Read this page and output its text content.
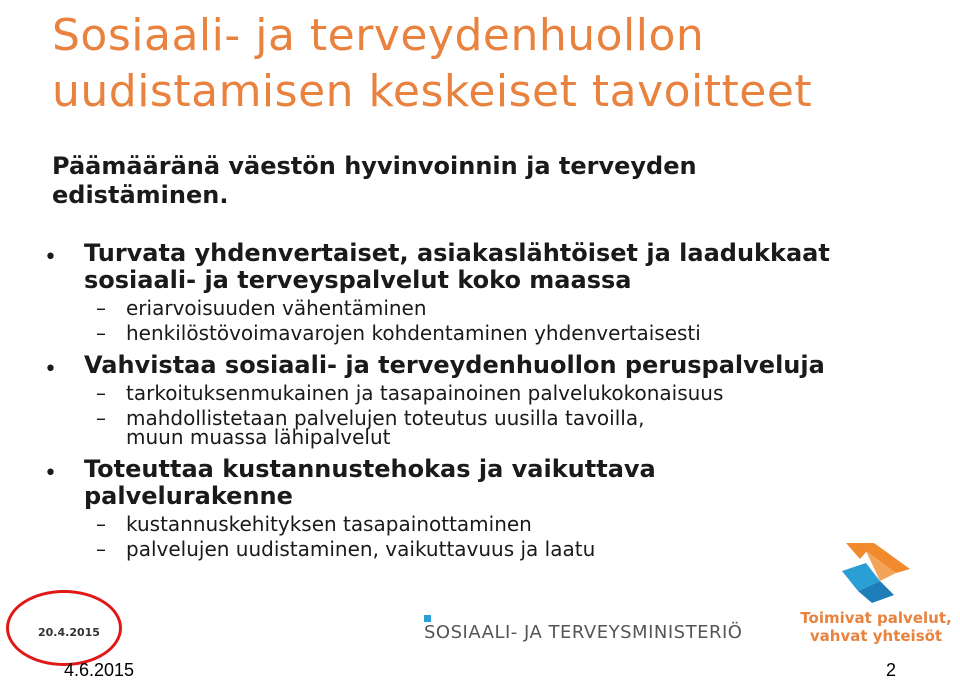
Sosiaali- ja terveydenhuollon
uudistamisen keskeiset tavoitteet
Päämääränä väestön hyvinvoinnin ja terveyden
edistäminen.
• Turvata yhdenvertaiset, asiakaslähtöiset ja laadukkaat
sosiaali- ja terveyspalvelut koko maassa
– eriarvoisuuden vähentäminen
– henkilöstövoimavarojen kohdentaminen yhdenvertaisesti
• Vahvistaa sosiaali- ja terveydenhuollon peruspalveluja
– tarkoituksenmukainen ja tasapainoinen palvelukokonaisuus
– mahdollistetaan palvelujen toteutus uusilla tavoilla,
muun muassa lähipalvelut
• Toteuttaa kustannustehokas ja vaikuttava
palvelurakenne
– kustannuskehityksen tasapainottaminen
– palvelujen uudistaminen, vaikuttavuus ja laatu
20.4.2015	SOSIAALI- JA TERVEYSMINISTERIÖ
Toimivat palvelut,
vahvat yhteisöt
4.6.2015	2
